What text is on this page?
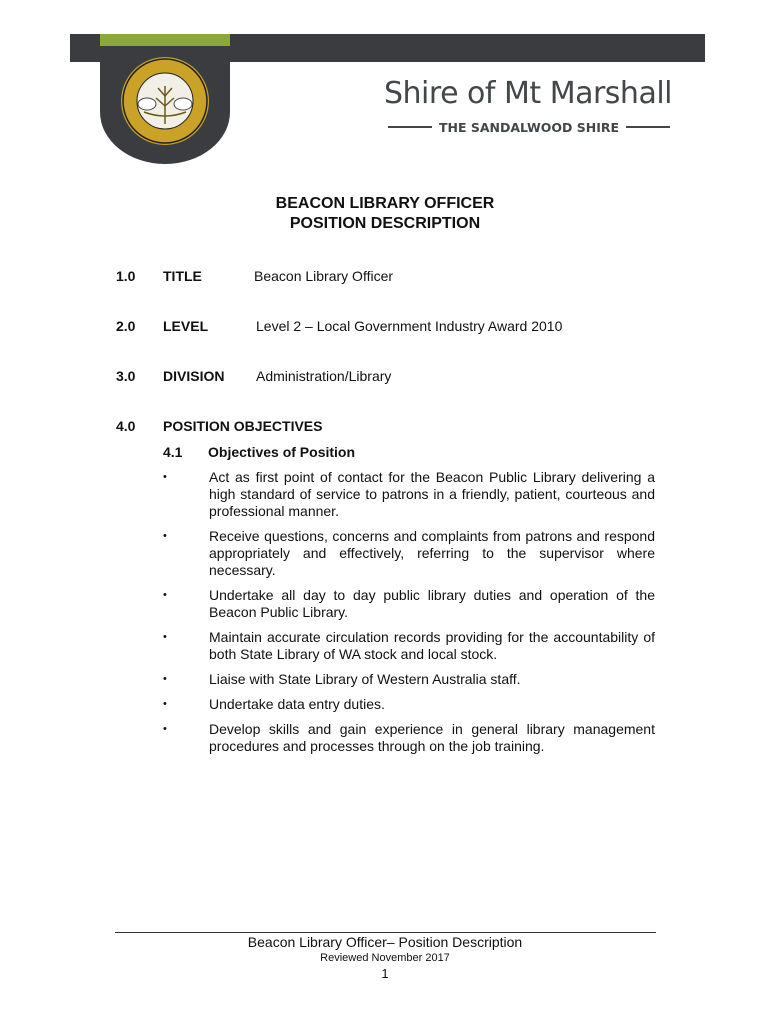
Shire of Mt Marshall
THE SANDALWOOD SHIRE
BEACON LIBRARY OFFICER
POSITION DESCRIPTION
1.0 TITLE	Beacon Library Officer
2.0 LEVEL	Level 2 – Local Government Industry Award 2010
3.0 DIVISION Administration/Library
4.0 POSITION OBJECTIVES
4.1 Objectives of Position
•	Act as first point of contact for the Beacon Public Library delivering a high standard of service to patrons in a friendly, patient, courteous and professional manner.
•	Receive questions, concerns and complaints from patrons and respond appropriately and effectively, referring to the supervisor where necessary.
•	Undertake all day to day public library duties and operation of the Beacon Public Library.
•	Maintain accurate circulation records providing for the accountability of both State Library of WA stock and local stock.
•	Liaise with State Library of Western Australia staff.
•	Undertake data entry duties.
•	Develop skills and gain experience in general library management procedures and processes through on the job training.
Beacon Library Officer– Position Description
Reviewed November 2017
1
